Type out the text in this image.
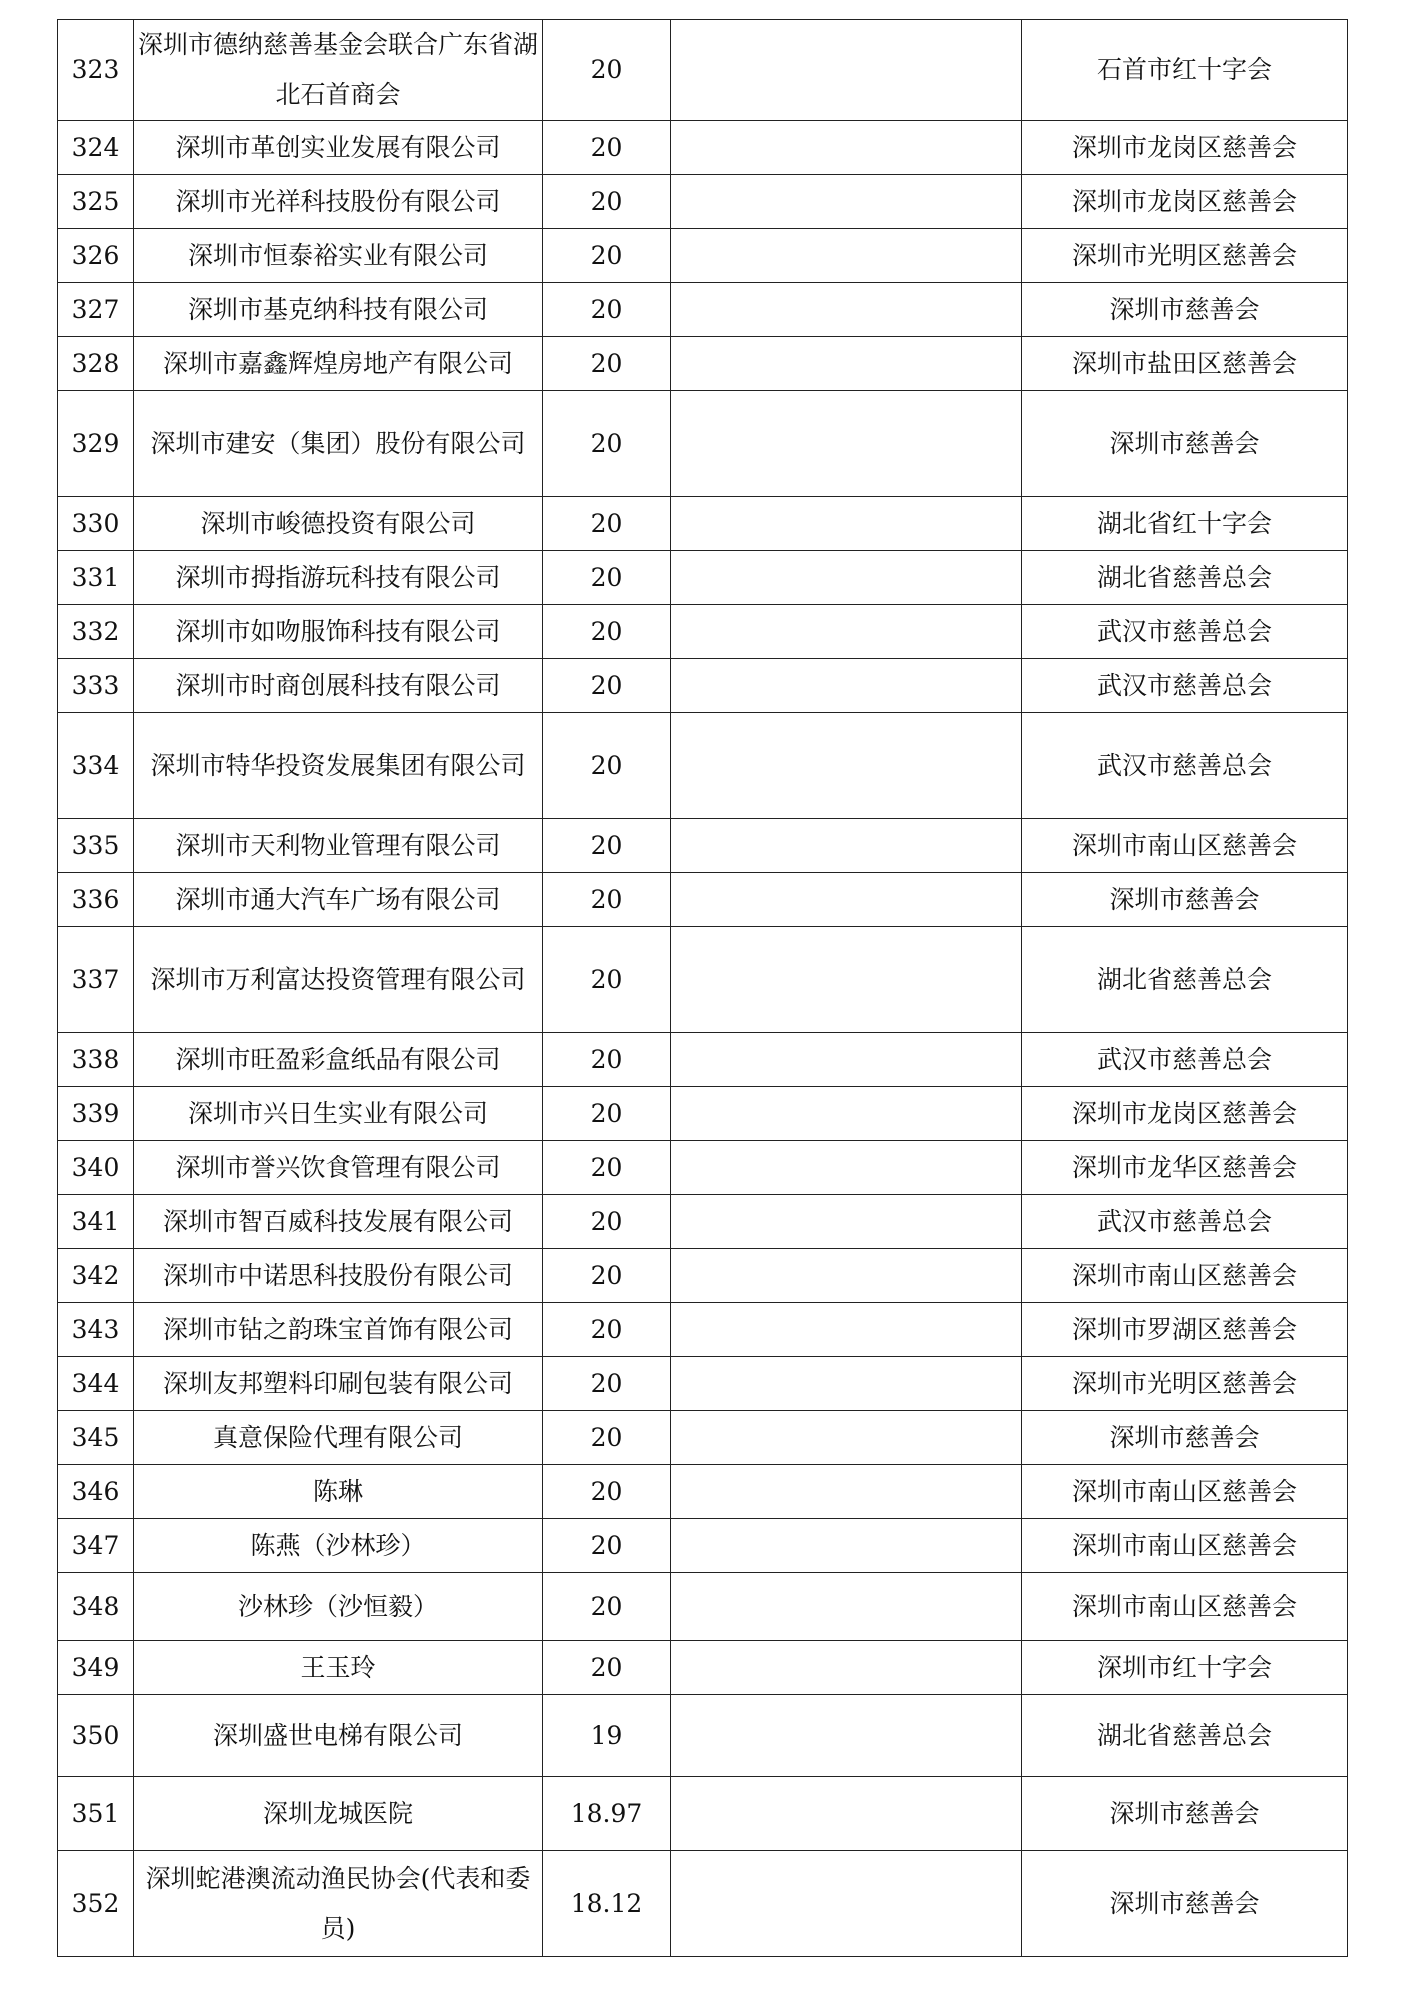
323	深圳市德纳慈善基金会联合广东省湖北石首商会	20		石首市红十字会
324	深圳市革创实业发展有限公司	20		深圳市龙岗区慈善会
325	深圳市光祥科技股份有限公司	20		深圳市龙岗区慈善会
326	深圳市恒泰裕实业有限公司	20		深圳市光明区慈善会
327	深圳市基克纳科技有限公司	20		深圳市慈善会
328	深圳市嘉鑫辉煌房地产有限公司	20		深圳市盐田区慈善会
329	深圳市建安（集团）股份有限公司	20		深圳市慈善会
330	深圳市峻德投资有限公司	20		湖北省红十字会
331	深圳市拇指游玩科技有限公司	20		湖北省慈善总会
332	深圳市如吻服饰科技有限公司	20		武汉市慈善总会
333	深圳市时商创展科技有限公司	20		武汉市慈善总会
334	深圳市特华投资发展集团有限公司	20		武汉市慈善总会
335	深圳市天利物业管理有限公司	20		深圳市南山区慈善会
336	深圳市通大汽车广场有限公司	20		深圳市慈善会
337	深圳市万利富达投资管理有限公司	20		湖北省慈善总会
338	深圳市旺盈彩盒纸品有限公司	20		武汉市慈善总会
339	深圳市兴日生实业有限公司	20		深圳市龙岗区慈善会
340	深圳市誉兴饮食管理有限公司	20		深圳市龙华区慈善会
341	深圳市智百威科技发展有限公司	20		武汉市慈善总会
342	深圳市中诺思科技股份有限公司	20		深圳市南山区慈善会
343	深圳市钻之韵珠宝首饰有限公司	20		深圳市罗湖区慈善会
344	深圳友邦塑料印刷包装有限公司	20		深圳市光明区慈善会
345	真意保险代理有限公司	20		深圳市慈善会
346	陈琳	20		深圳市南山区慈善会
347	陈燕（沙林珍）	20		深圳市南山区慈善会
348	沙林珍（沙恒毅）	20		深圳市南山区慈善会
349	王玉玲	20		深圳市红十字会
350	深圳盛世电梯有限公司	19		湖北省慈善总会
351	深圳龙城医院	18.97		深圳市慈善会
352	深圳蛇港澳流动渔民协会(代表和委员)	18.12		深圳市慈善会
